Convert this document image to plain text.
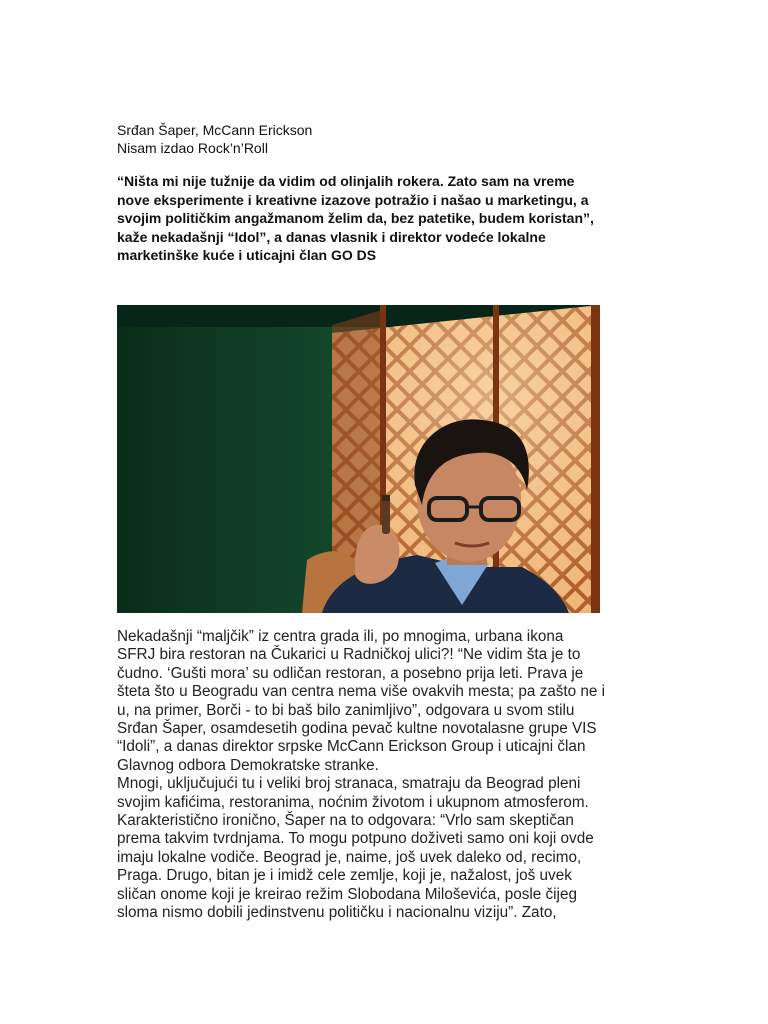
Srđan Šaper, McCann Erickson
Nisam izdao Rock’n’Roll
“Ništa mi nije tužnije da vidim od olinjalih rokera. Zato sam na vreme
nove eksperimente i kreativne izazove potražio i našao u marketingu, a
svojim političkim angažmanom želim da, bez patetike, budem koristan”,
kaže nekadašnji “Idol”, a danas vlasnik i direktor vodeće lokalne
marketinške kuće i uticajni član GO DS

Nekadašnji “maljčik” iz centra grada ili, po mnogima, urbana ikona
SFRJ bira restoran na Čukarici u Radničkoj ulici?! “Ne vidim šta je to
čudno. ‘Gušti mora’ su odličan restoran, a posebno prija leti. Prava je
šteta što u Beogradu van centra nema više ovakvih mesta; pa zašto ne i
u, na primer, Borči - to bi baš bilo zanimljivo”, odgovara u svom stilu
Srđan Šaper, osamdesetih godina pevač kultne novotalasne grupe VIS
“Idoli”, a danas direktor srpske McCann Erickson Group i uticajni član
Glavnog odbora Demokratske stranke.

Mnogi, uključujući tu i veliki broj stranaca, smatraju da Beograd pleni
svojim kafićima, restoranima, noćnim životom i ukupnom atmosferom.
Karakteristično ironično, Šaper na to odgovara: “Vrlo sam skeptičan
prema takvim tvrdnjama. To mogu potpuno doživeti samo oni koji ovde
imaju lokalne vodiče. Beograd je, naime, još uvek daleko od, recimo,
Praga. Drugo, bitan je i imidž cele zemlje, koji je, nažalost, još uvek
sličan onome koji je kreirao režim Slobodana Miloševića, posle čijeg
sloma nismo dobili jedinstvenu političku i nacionalnu viziju”. Zato,
